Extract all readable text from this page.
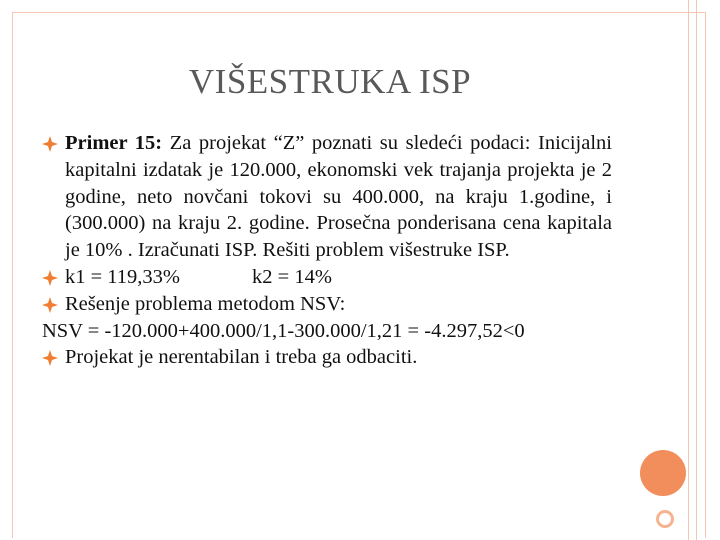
VIŠESTRUKA ISP
Primer 15: Za projekat “Z” poznati su sledeći podaci: Inicijalni kapitalni izdatak je 120.000, ekonomski vek trajanja projekta je 2 godine, neto novčani tokovi su 400.000, na kraju 1.godine, i (300.000) na kraju 2. godine. Prosečna ponderisana cena kapitala je 10% . Izračunati ISP. Rešiti problem višestruke ISP.
k1 = 119,33%	k2 = 14%
Rešenje problema metodom NSV:
NSV = -120.000+400.000/1,1-300.000/1,21 = -4.297,52<0
Projekat je nerentabilan i treba ga odbaciti.
